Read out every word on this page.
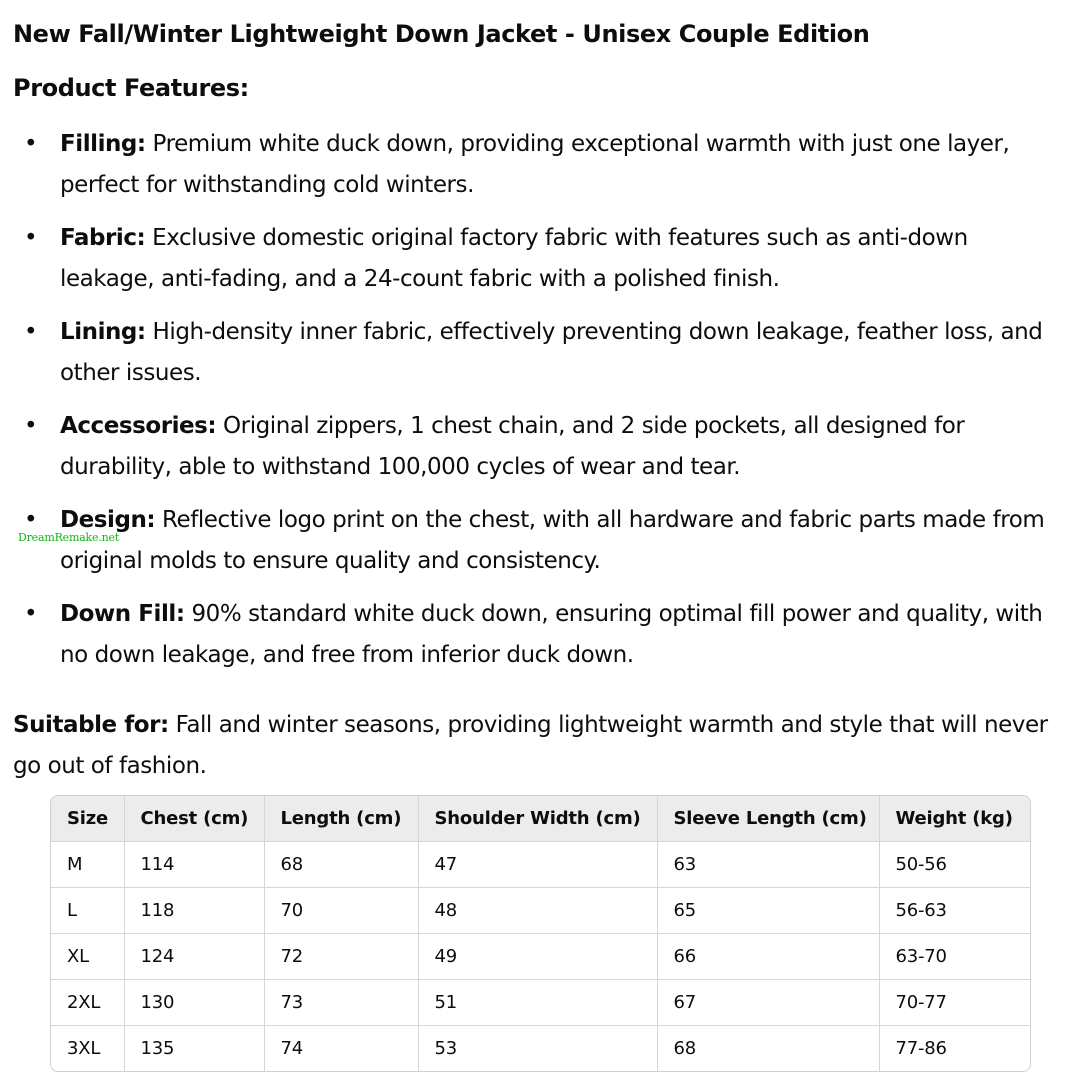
New Fall/Winter Lightweight Down Jacket - Unisex Couple Edition
Product Features:
• Filling: Premium white duck down, providing exceptional warmth with just one layer, perfect for withstanding cold winters.
• Fabric: Exclusive domestic original factory fabric with features such as anti-down leakage, anti-fading, and a 24-count fabric with a polished finish.
• Lining: High-density inner fabric, effectively preventing down leakage, feather loss, and other issues.
• Accessories: Original zippers, 1 chest chain, and 2 side pockets, all designed for durability, able to withstand 100,000 cycles of wear and tear.
• Design: Reflective logo print on the chest, with all hardware and fabric parts made from original molds to ensure quality and consistency.
• Down Fill: 90% standard white duck down, ensuring optimal fill power and quality, with no down leakage, and free from inferior duck down.
Suitable for: Fall and winter seasons, providing lightweight warmth and style that will never go out of fashion.
Size	Chest (cm)	Length (cm)	Shoulder Width (cm)	Sleeve Length (cm)	Weight (kg)
M	114	68	47	63	50-56
L	118	70	48	65	56-63
XL	124	72	49	66	63-70
2XL	130	73	51	67	70-77
3XL	135	74	53	68	77-86
DreamRemake.net
